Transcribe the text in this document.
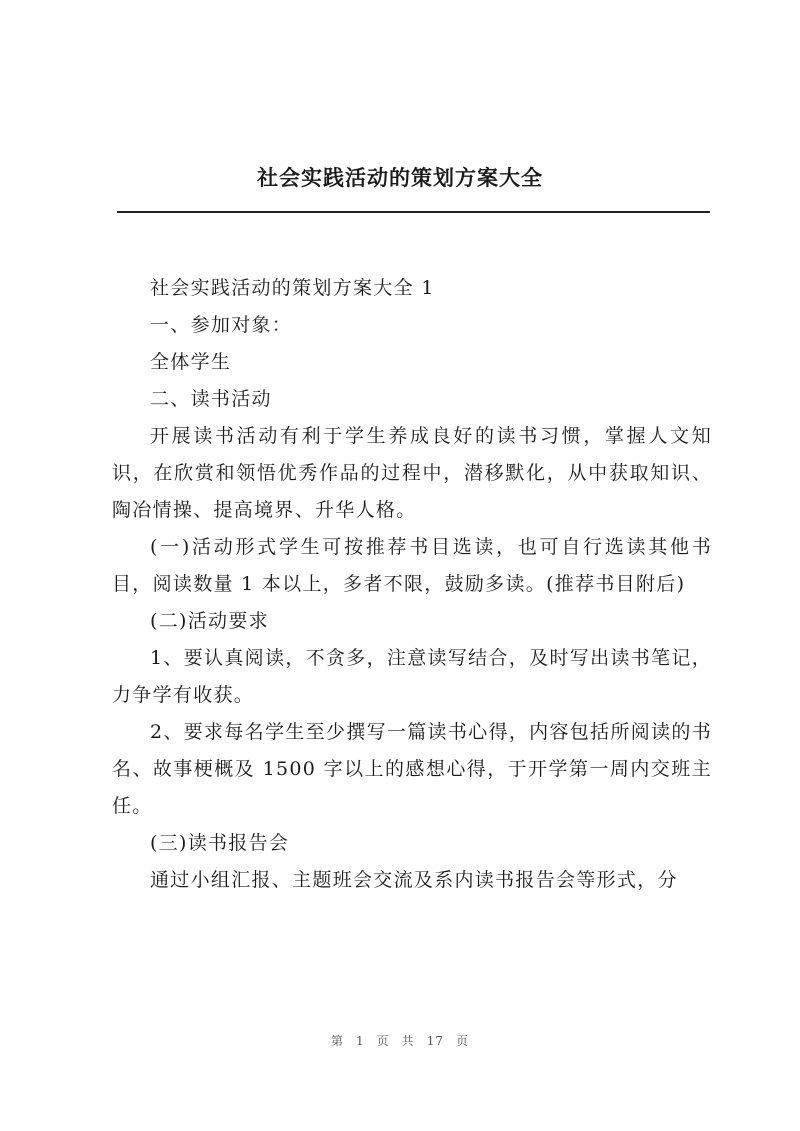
社会实践活动的策划方案大全

社会实践活动的策划方案大全 1

一、参加对象：

全体学生

二、读书活动

开展读书活动有利于学生养成良好的读书习惯，掌握人文知识，在欣赏和领悟优秀作品的过程中，潜移默化，从中获取知识、陶冶情操、提高境界、升华人格。

(一)活动形式学生可按推荐书目选读，也可自行选读其他书目，阅读数量 1 本以上，多者不限，鼓励多读。(推荐书目附后)

(二)活动要求

1、要认真阅读，不贪多，注意读写结合，及时写出读书笔记，力争学有收获。

2、要求每名学生至少撰写一篇读书心得，内容包括所阅读的书名、故事梗概及 1500 字以上的感想心得，于开学第一周内交班主任。

(三)读书报告会

通过小组汇报、主题班会交流及系内读书报告会等形式，分

第 1 页 共 17 页
